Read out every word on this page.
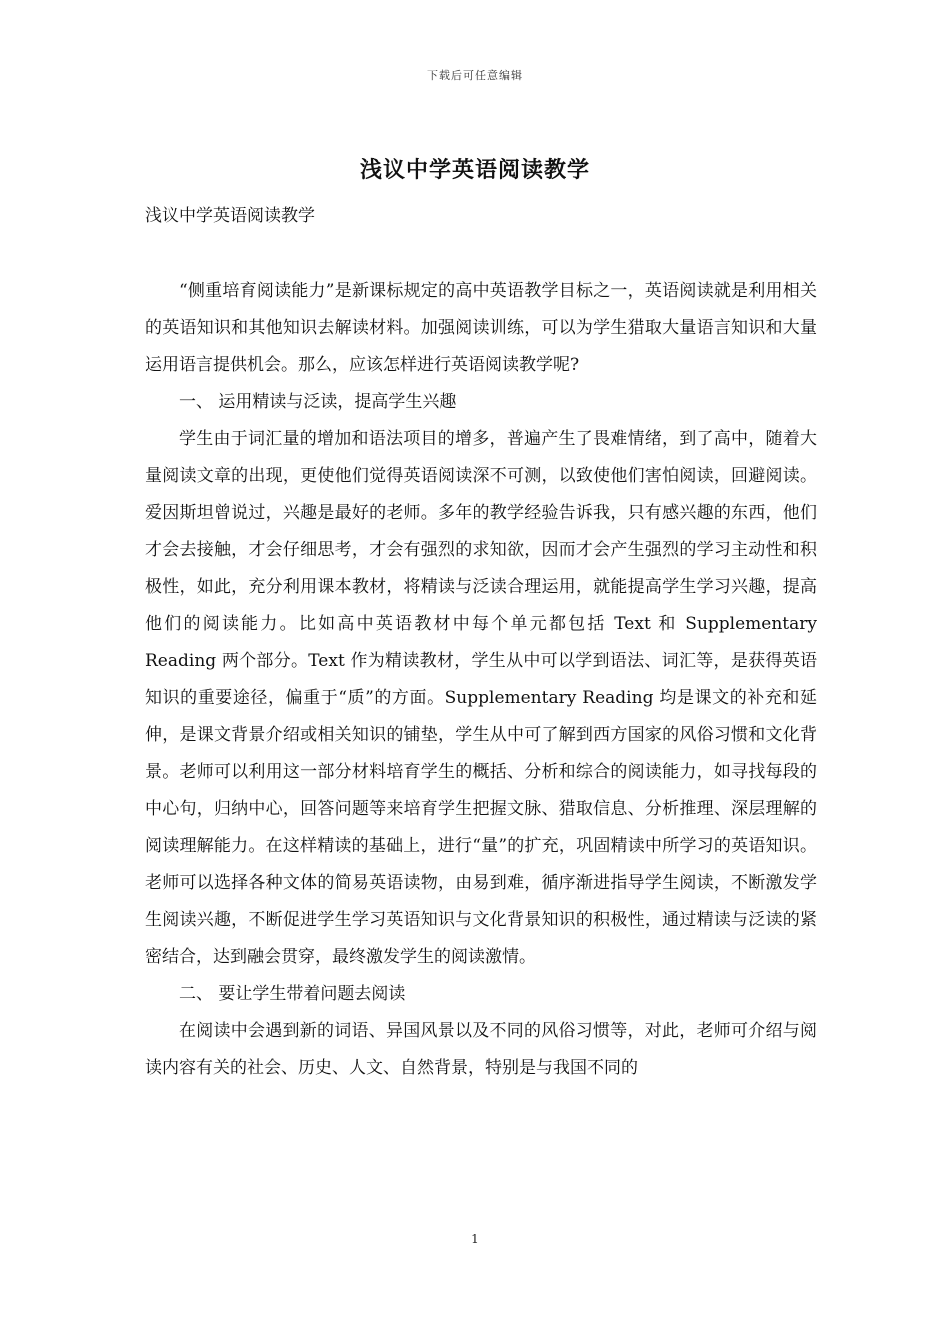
下载后可任意编辑
浅议中学英语阅读教学
浅议中学英语阅读教学

“侧重培育阅读能力”是新课标规定的高中英语教学目标之一，英语阅读就是利用相关的英语知识和其他知识去解读材料。加强阅读训练，可以为学生猎取大量语言知识和大量运用语言提供机会。那么，应该怎样进行英语阅读教学呢?

一、 运用精读与泛读，提高学生兴趣

学生由于词汇量的增加和语法项目的增多，普遍产生了畏难情绪，到了高中，随着大量阅读文章的出现，更使他们觉得英语阅读深不可测，以致使他们害怕阅读，回避阅读。爱因斯坦曾说过，兴趣是最好的老师。多年的教学经验告诉我，只有感兴趣的东西，他们才会去接触，才会仔细思考，才会有强烈的求知欲，因而才会产生强烈的学习主动性和积极性，如此，充分利用课本教材，将精读与泛读合理运用，就能提高学生学习兴趣，提高他们的阅读能力。比如高中英语教材中每个单元都包括 Text 和 Supplementary Reading 两个部分。Text 作为精读教材，学生从中可以学到语法、词汇等，是获得英语知识的重要途径，偏重于“质”的方面。Supplementary Reading 均是课文的补充和延伸，是课文背景介绍或相关知识的铺垫，学生从中可了解到西方国家的风俗习惯和文化背景。老师可以利用这一部分材料培育学生的概括、分析和综合的阅读能力，如寻找每段的中心句，归纳中心，回答问题等来培育学生把握文脉、猎取信息、分析推理、深层理解的阅读理解能力。在这样精读的基础上，进行“量”的扩充，巩固精读中所学习的英语知识。老师可以选择各种文体的简易英语读物，由易到难，循序渐进指导学生阅读，不断激发学生阅读兴趣，不断促进学生学习英语知识与文化背景知识的积极性，通过精读与泛读的紧密结合，达到融会贯穿，最终激发学生的阅读激情。

二、 要让学生带着问题去阅读

在阅读中会遇到新的词语、异国风景以及不同的风俗习惯等，对此，老师可介绍与阅读内容有关的社会、历史、人文、自然背景，特别是与我国不同的

1
